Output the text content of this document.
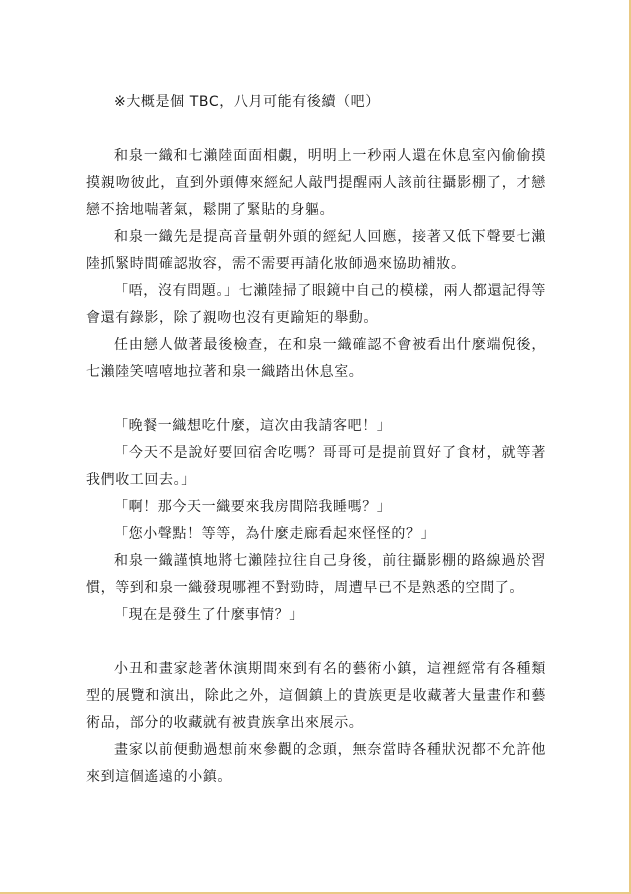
※大概是個 TBC，八月可能有後續（吧）

和泉一織和七瀨陸面面相覷，明明上一秒兩人還在休息室內偷偷摸摸親吻彼此，直到外頭傳來經紀人敲門提醒兩人該前往攝影棚了，才戀戀不捨地喘著氣，鬆開了緊貼的身軀。

和泉一織先是提高音量朝外頭的經紀人回應，接著又低下聲要七瀨陸抓緊時間確認妝容，需不需要再請化妝師過來協助補妝。

「唔，沒有問題。」七瀨陸掃了眼鏡中自己的模樣，兩人都還記得等會還有錄影，除了親吻也沒有更踰矩的舉動。

任由戀人做著最後檢查，在和泉一織確認不會被看出什麼端倪後，七瀨陸笑嘻嘻地拉著和泉一織踏出休息室。

「晚餐一織想吃什麼，這次由我請客吧！」

「今天不是說好要回宿舍吃嗎？哥哥可是提前買好了食材，就等著我們收工回去。」

「啊！那今天一織要來我房間陪我睡嗎？」

「您小聲點！等等，為什麼走廊看起來怪怪的？」

和泉一織謹慎地將七瀨陸拉往自己身後，前往攝影棚的路線過於習慣，等到和泉一織發現哪裡不對勁時，周遭早已不是熟悉的空間了。

「現在是發生了什麼事情？」

小丑和畫家趁著休演期間來到有名的藝術小鎮，這裡經常有各種類型的展覽和演出，除此之外，這個鎮上的貴族更是收藏著大量畫作和藝術品，部分的收藏就有被貴族拿出來展示。

畫家以前便動過想前來參觀的念頭，無奈當時各種狀況都不允許他來到這個遙遠的小鎮。
